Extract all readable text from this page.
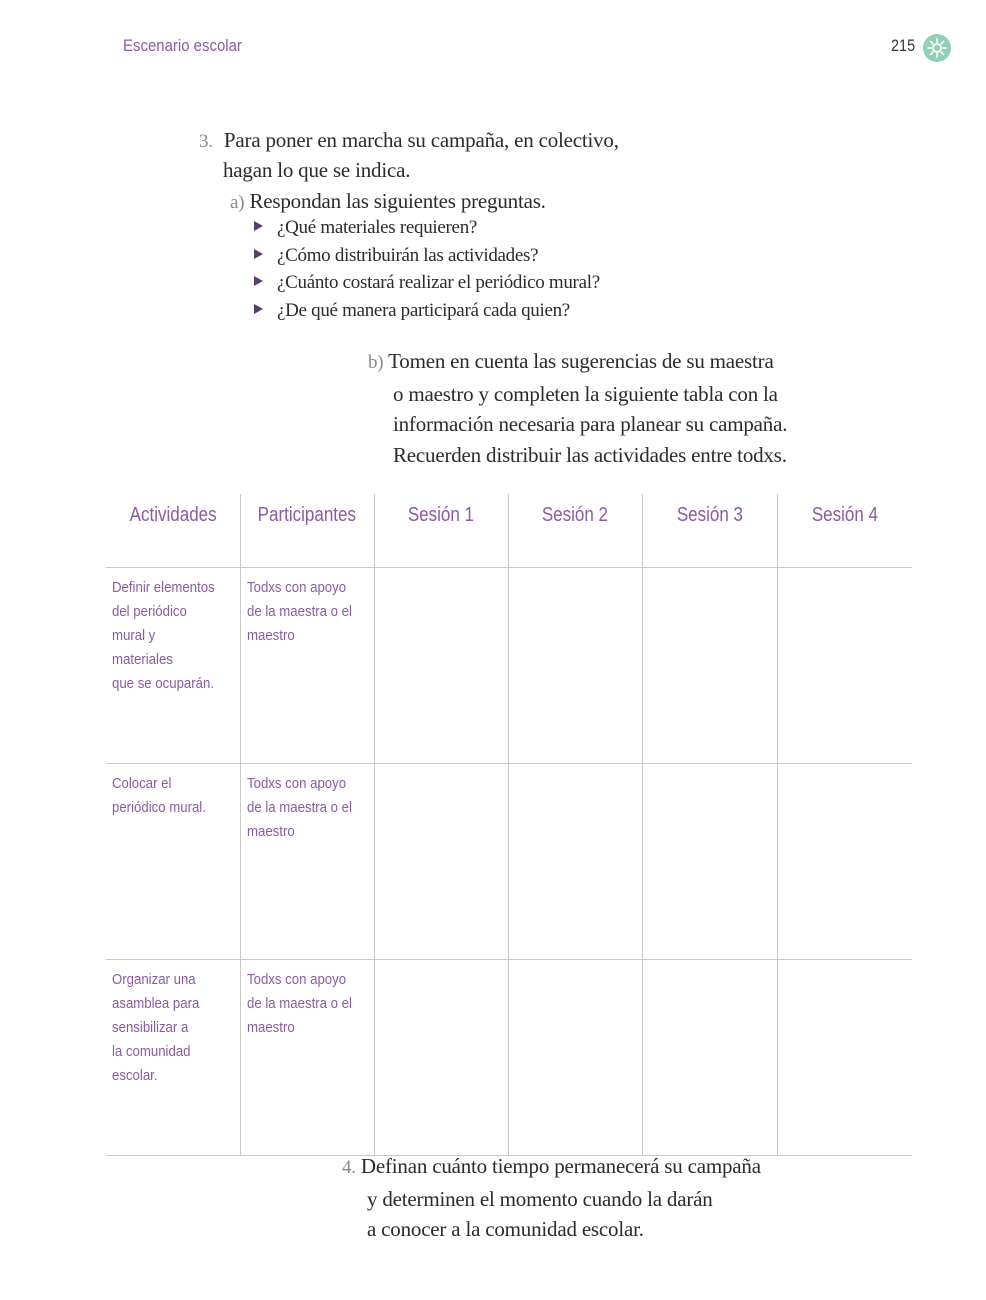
Escenario escolar	215
3. Para poner en marcha su campaña, en colectivo,
hagan lo que se indica.
a) Respondan las siguientes preguntas.
¿Qué materiales requieren?
¿Cómo distribuirán las actividades?
¿Cuánto costará realizar el periódico mural?
¿De qué manera participará cada quien?
b) Tomen en cuenta las sugerencias de su maestra
o maestro y completen la siguiente tabla con la
información necesaria para planear su campaña.
Recuerden distribuir las actividades entre todxs.
Actividades	Participantes	Sesión 1	Sesión 2	Sesión 3	Sesión 4

Definir elementos
del periódico
mural y materiales
que se ocuparán.	Todxs con apoyo
de la maestra o el
maestro				

Colocar el
periódico mural.	Todxs con apoyo
de la maestra o el
maestro				

Organizar una
asamblea para
sensibilizar a
la comunidad
escolar.	Todxs con apoyo
de la maestra o el
maestro				

4. Definan cuánto tiempo permanecerá su campaña
y determinen el momento cuando la darán
a conocer a la comunidad escolar.
